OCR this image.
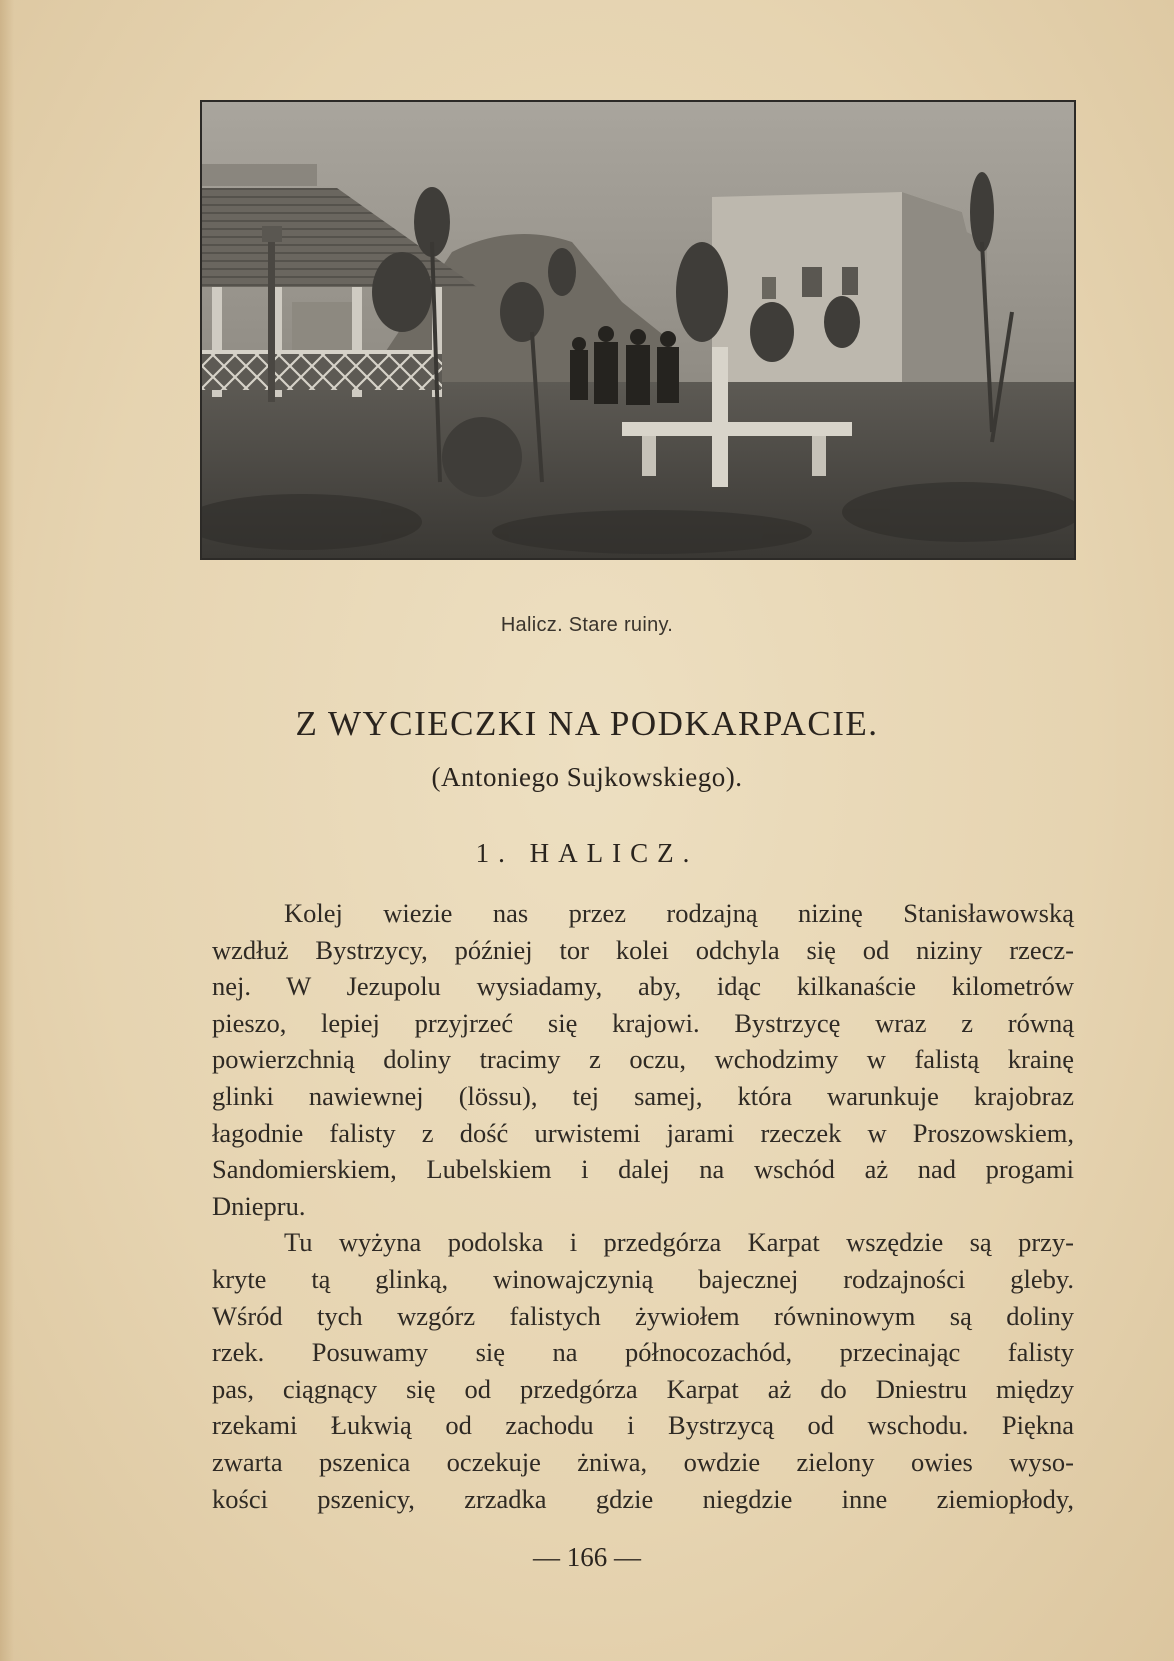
Halicz. Stare ruiny.
Z WYCIECZKI NA PODKARPACIE.
(Antoniego Sujkowskiego).
1. HALICZ.
Kolej wiezie nas przez rodzajną nizinę Stanisławowską
wzdłuż Bystrzycy, później tor kolei odchyla się od niziny rzecz-
nej. W Jezupolu wysiadamy, aby, idąc kilkanaście kilometrów
pieszo, lepiej przyjrzeć się krajowi. Bystrzycę wraz z równą
powierzchnią doliny tracimy z oczu, wchodzimy w falistą krainę
glinki nawiewnej (lössu), tej samej, która warunkuje krajobraz
łagodnie falisty z dość urwistemi jarami rzeczek w Proszowskiem,
Sandomierskiem, Lubelskiem i dalej na wschód aż nad progami
Dniepru.
Tu wyżyna podolska i przedgórza Karpat wszędzie są przy-
kryte tą glinką, winowajczynią bajecznej rodzajności gleby.
Wśród tych wzgórz falistych żywiołem równinowym są doliny
rzek. Posuwamy się na północozachód, przecinając falisty
pas, ciągnący się od przedgórza Karpat aż do Dniestru między
rzekami Łukwią od zachodu i Bystrzycą od wschodu. Piękna
zwarta pszenica oczekuje żniwa, owdzie zielony owies wyso-
kości pszenicy, zrzadka gdzie niegdzie inne ziemiopłody,
— 166 —
